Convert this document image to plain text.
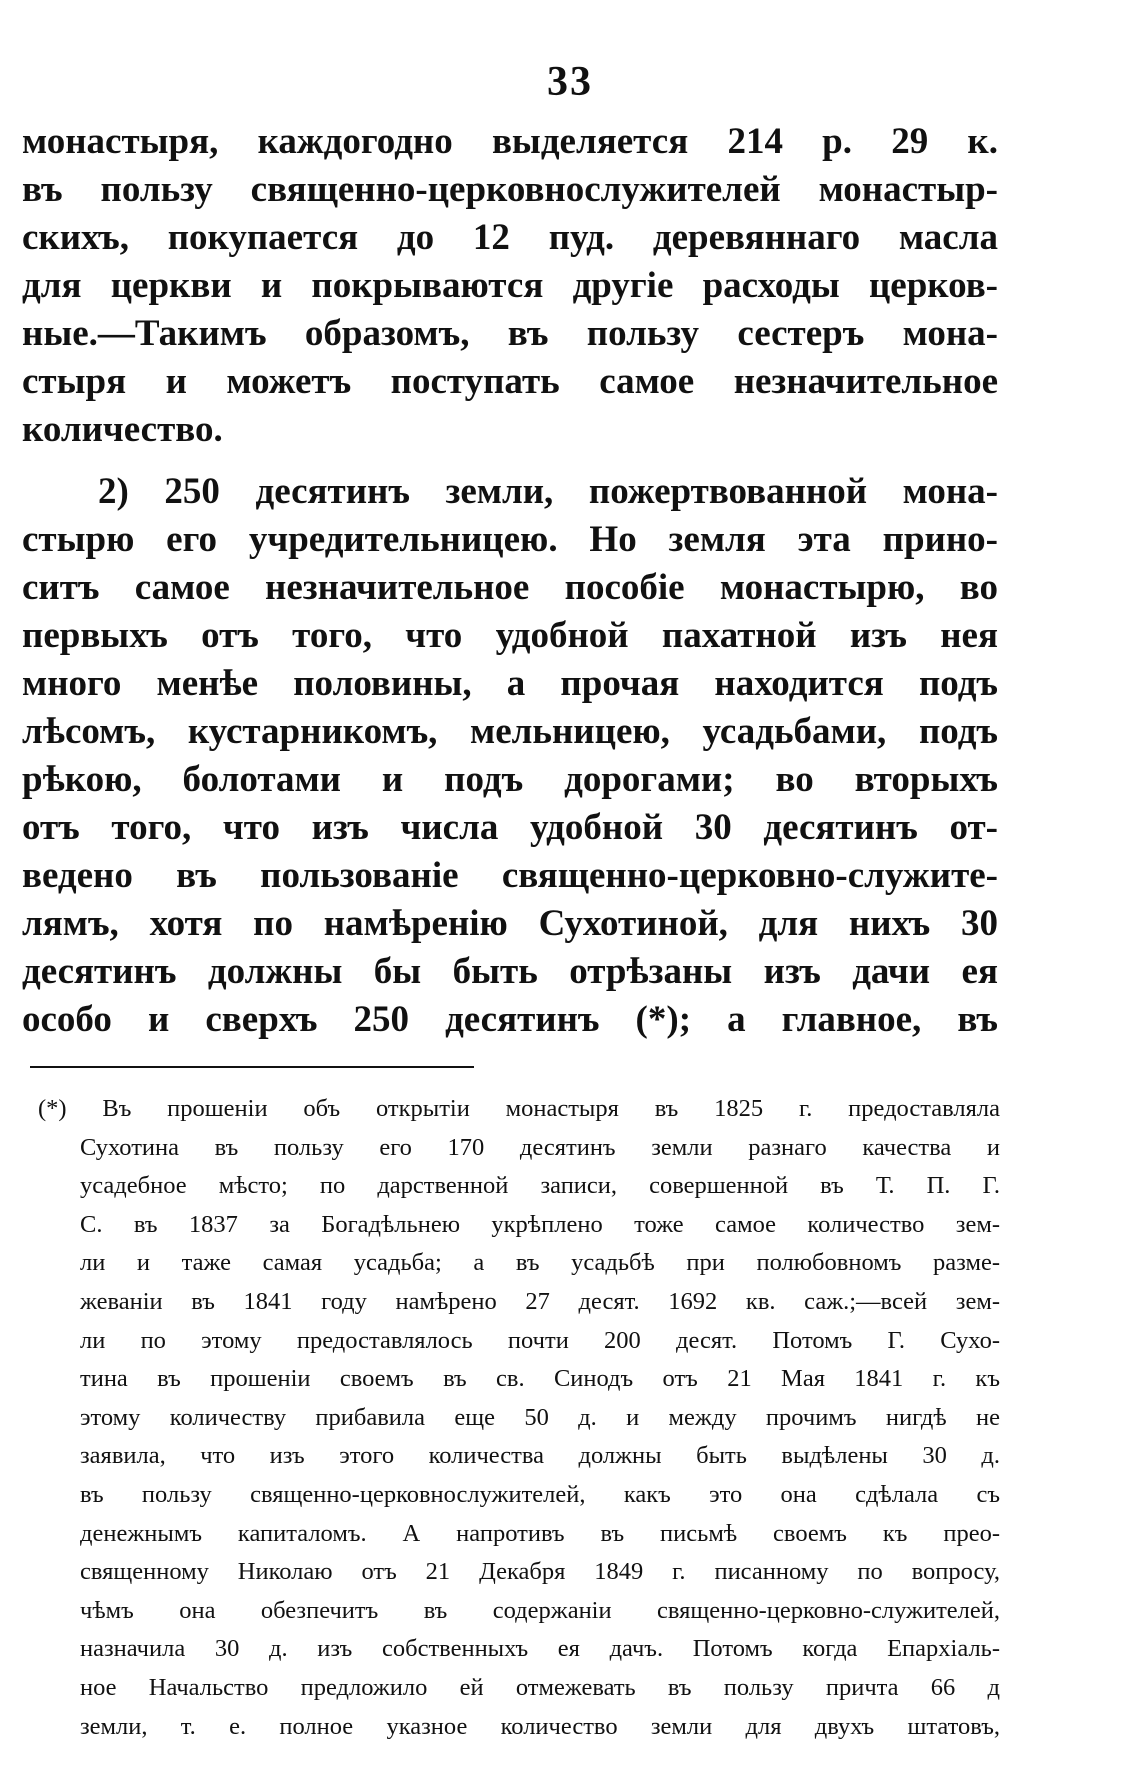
33
монастыря, каждогодно выделяется 214 р. 29 к.
въ пользу священно-церковнослужителей монастыр-
скихъ, покупается до 12 пуд. деревяннаго масла
для церкви и покрываются другіе расходы церков-
ные.—Такимъ образомъ, въ пользу сестеръ мона-
стыря и можетъ поступать самое незначительное
количество.
2) 250 десятинъ земли, пожертвованной мона-
стырю его учредительницею. Но земля эта прино-
ситъ самое незначительное пособіе монастырю, во
первыхъ отъ того, что удобной пахатной изъ нея
много менѣе половины, а прочая находится подъ
лѣсомъ, кустарникомъ, мельницею, усадьбами, подъ
рѣкою, болотами и подъ дорогами; во вторыхъ
отъ того, что изъ числа удобной 30 десятинъ от-
ведено въ пользованіе священно-церковно-служите-
лямъ, хотя по намѣренію Сухотиной, для нихъ 30
десятинъ должны бы быть отрѣзаны изъ дачи ея
особо и сверхъ 250 десятинъ (*); а главное, въ
(*) Въ прошеніи объ открытіи монастыря въ 1825 г. предоставляла
Сухотина въ пользу его 170 десятинъ земли разнаго качества и
усадебное мѣсто; по дарственной записи, совершенной въ Т. П. Г.
С. въ 1837 за Богадѣльнею укрѣплено тоже самое количество зем-
ли и таже самая усадьба; а въ усадьбѣ при полюбовномъ разме-
жеваніи въ 1841 году намѣрено 27 десят. 1692 кв. саж.;—всей зем-
ли по этому предоставлялось почти 200 десят. Потомъ Г. Сухо-
тина въ прошеніи своемъ въ св. Синодъ отъ 21 Мая 1841 г. къ
этому количеству прибавила еще 50 д. и между прочимъ нигдѣ не
заявила, что изъ этого количества должны быть выдѣлены 30 д.
въ пользу священно-церковнослужителей, какъ это она сдѣлала съ
денежнымъ капиталомъ. А напротивъ въ письмѣ своемъ къ прео-
священному Николаю отъ 21 Декабря 1849 г. писанному по вопросу,
чѣмъ она обезпечитъ въ содержаніи священно-церковно-служителей,
назначила 30 д. изъ собственныхъ ея дачъ. Потомъ когда Епархіаль-
ное Начальство предложило ей отмежевать въ пользу причта 66 д
земли, т. е. полное указное количество земли для двухъ штатовъ,
